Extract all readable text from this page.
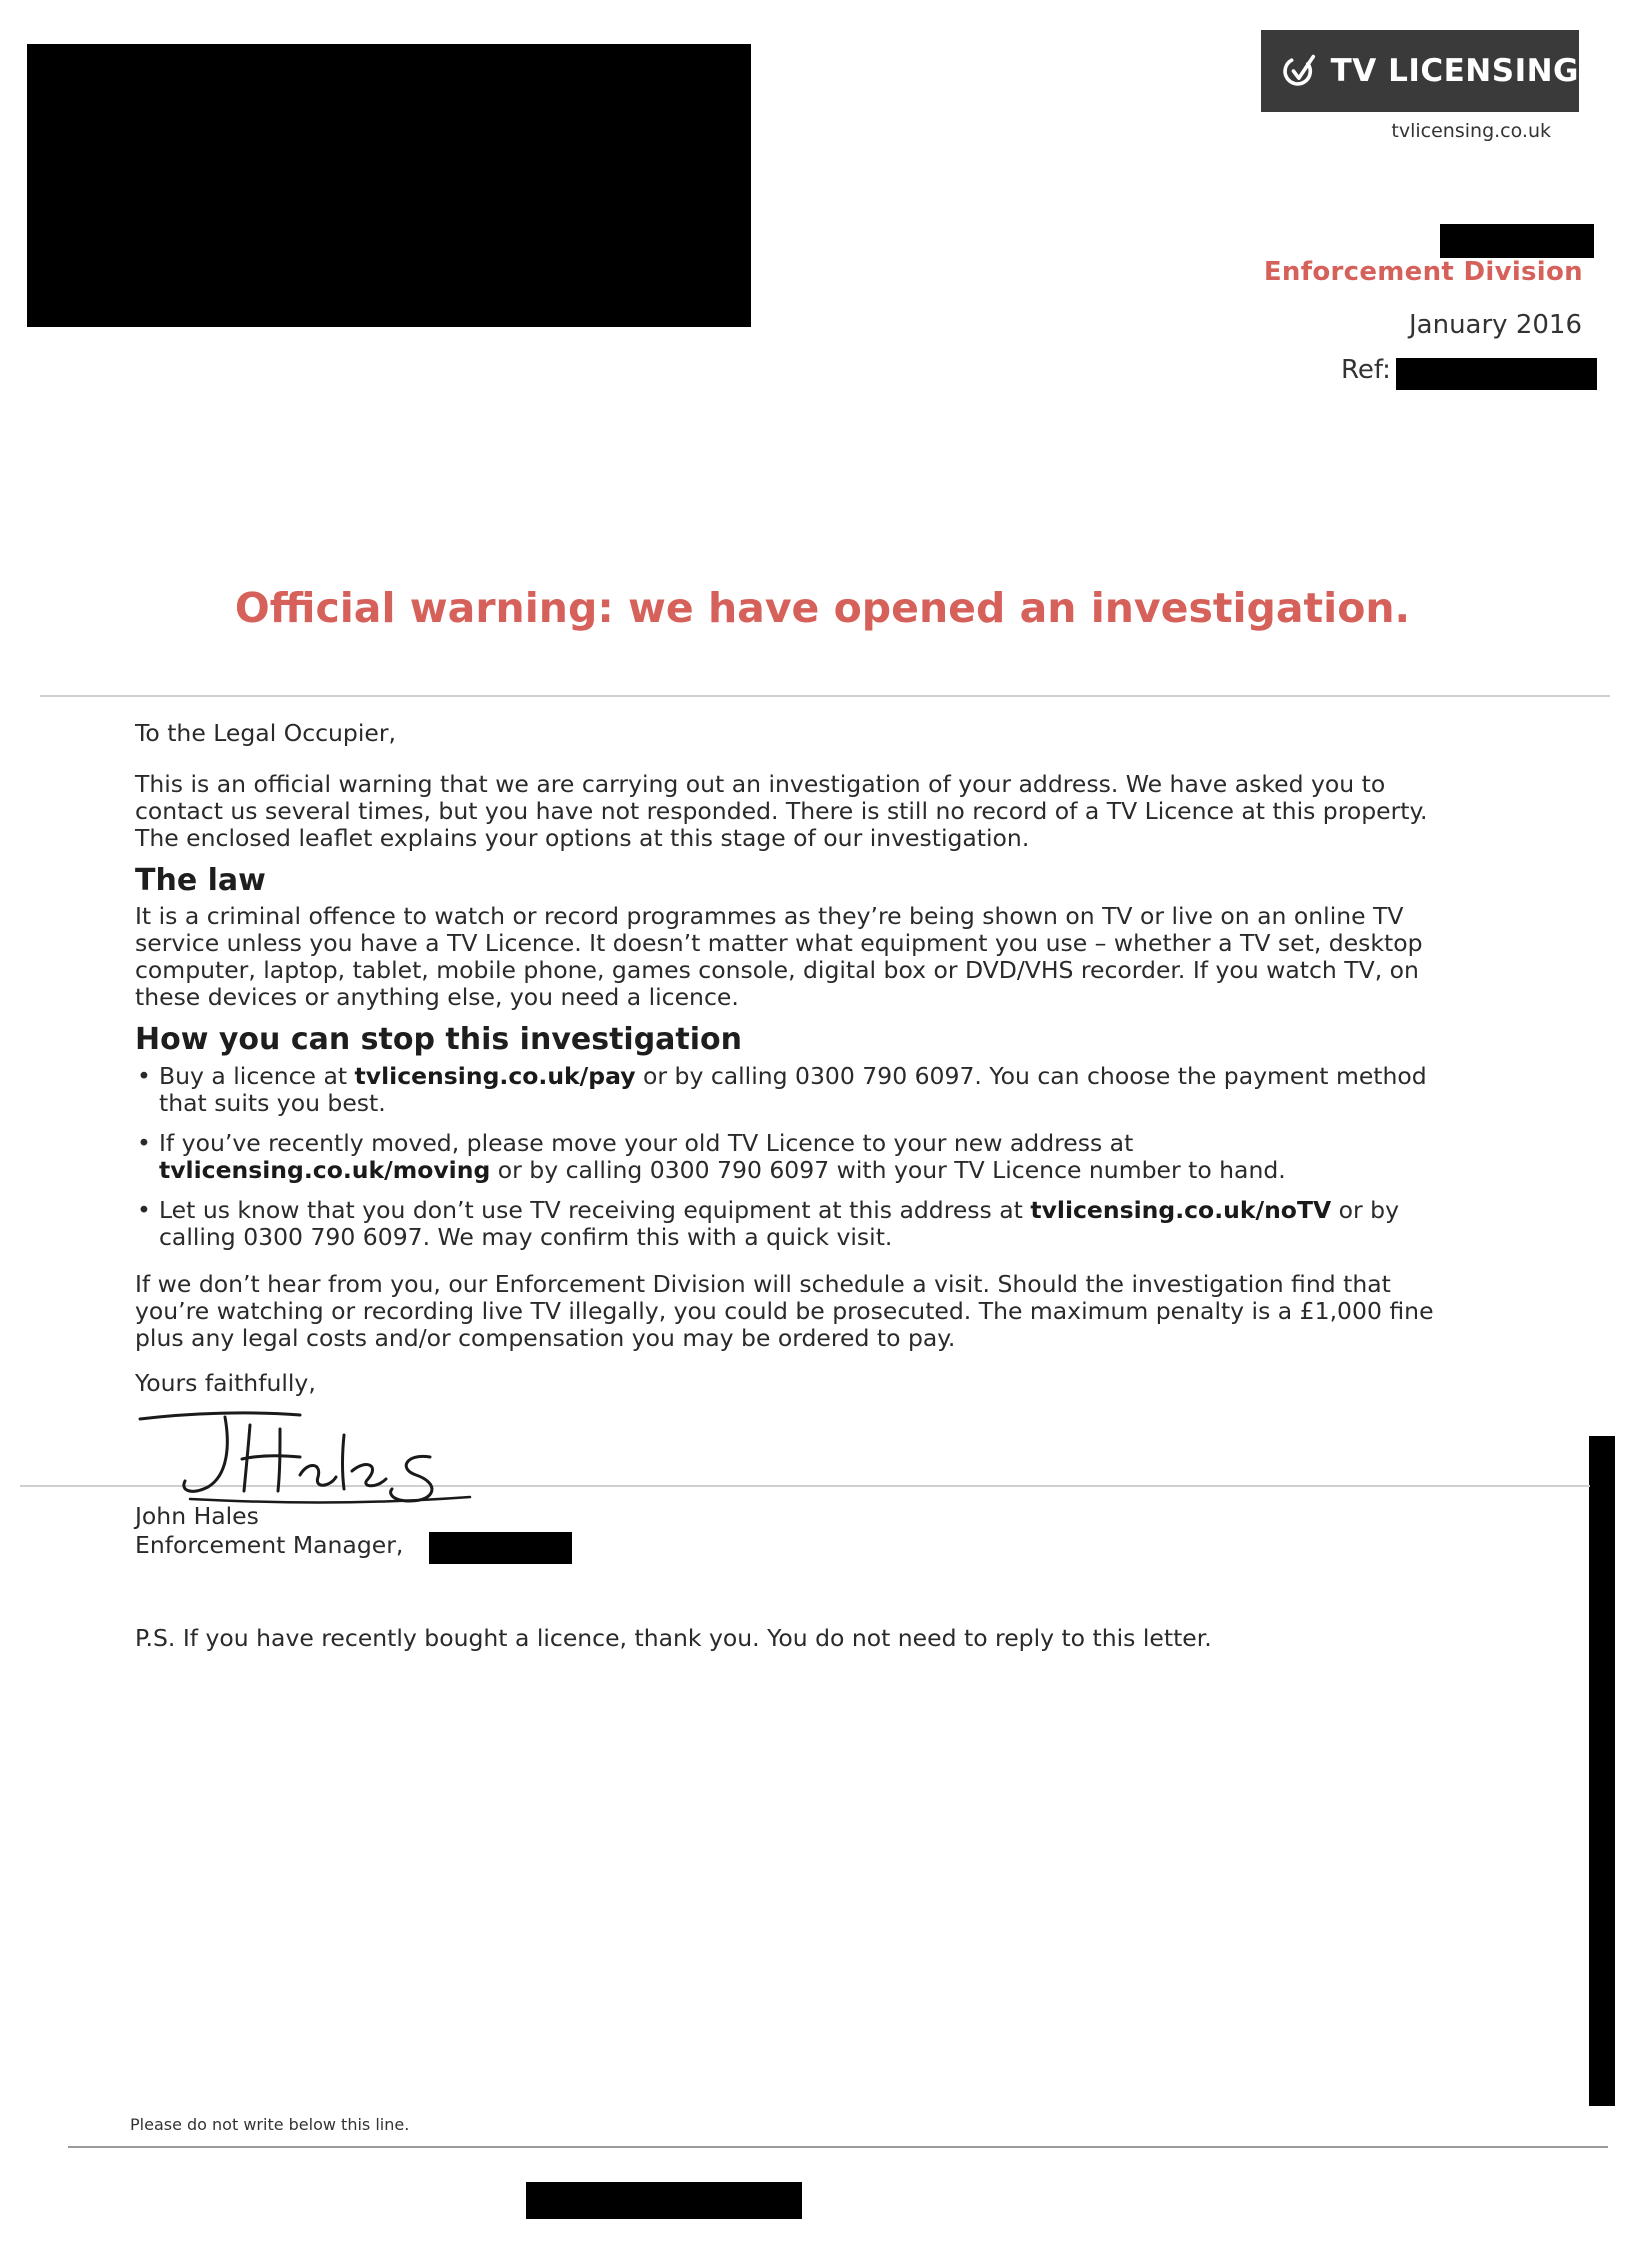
TV LICENSING
tvlicensing.co.uk
Enforcement Division
January 2016
Ref:
Official warning: we have opened an investigation.

To the Legal Occupier,

This is an official warning that we are carrying out an investigation of your address. We have asked you to contact us several times, but you have not responded. There is still no record of a TV Licence at this property. The enclosed leaflet explains your options at this stage of our investigation.

The law

It is a criminal offence to watch or record programmes as they’re being shown on TV or live on an online TV service unless you have a TV Licence. It doesn’t matter what equipment you use – whether a TV set, desktop computer, laptop, tablet, mobile phone, games console, digital box or DVD/VHS recorder. If you watch TV, on these devices or anything else, you need a licence.

How you can stop this investigation
• Buy a licence at tvlicensing.co.uk/pay or by calling 0300 790 6097. You can choose the payment method that suits you best.
• If you’ve recently moved, please move your old TV Licence to your new address at tvlicensing.co.uk/moving or by calling 0300 790 6097 with your TV Licence number to hand.
• Let us know that you don’t use TV receiving equipment at this address at tvlicensing.co.uk/noTV or by calling 0300 790 6097. We may confirm this with a quick visit.

If we don’t hear from you, our Enforcement Division will schedule a visit. Should the investigation find that you’re watching or recording live TV illegally, you could be prosecuted. The maximum penalty is a £1,000 fine plus any legal costs and/or compensation you may be ordered to pay.

Yours faithfully,

John Hales

Enforcement Manager,

P.S. If you have recently bought a licence, thank you. You do not need to reply to this letter.

Please do not write below this line.
